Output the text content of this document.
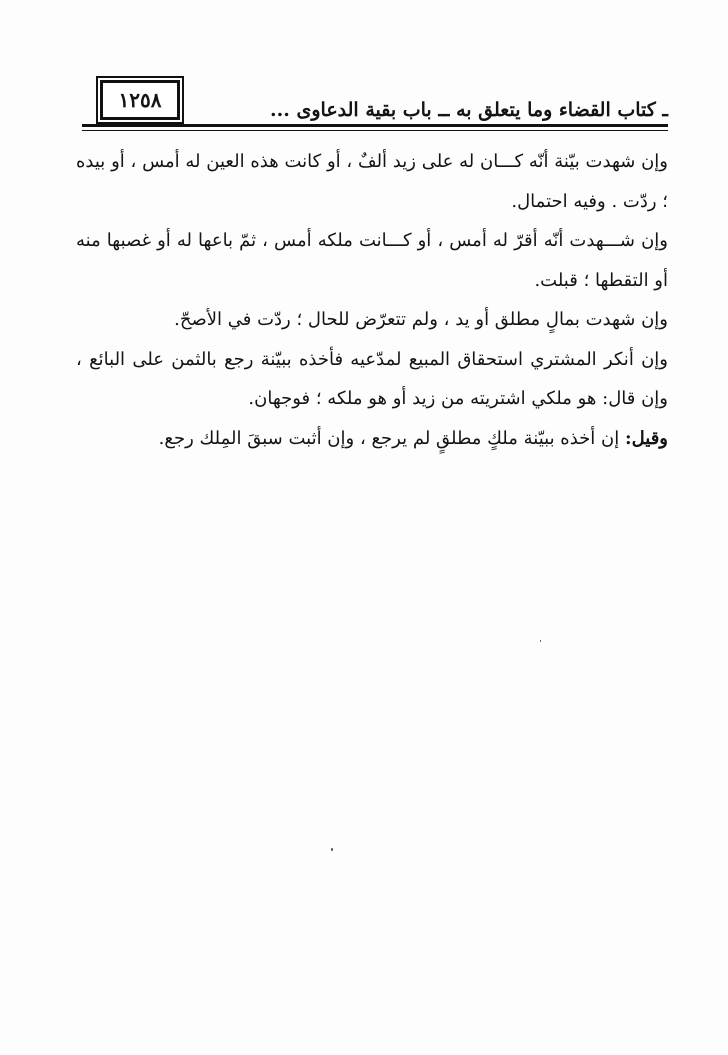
١٢٥٨	ـ كتاب القضاء وما يتعلق به ــ باب بقية الدعاوى ...

وإن شهدت بيّنة أنّه كـــان له على زيد ألفٌ ، أو كانت هذه العين له أمس ، أو بيده ؛ ردّت . وفيه احتمال.

وإن شـــهدت أنّه أقرّ له أمس ، أو كـــانت ملكه أمس ، ثمّ باعها له أو غصبها منه أو التقطها ؛ قبلت.

وإن شهدت بمالٍ مطلق أو يد ، ولم تتعرّض للحال ؛ ردّت في الأصحّ.

وإن أنكر المشتري استحقاق المبيع لمدّعيه فأخذه ببيّنة رجع بالثمن على البائع ، وإن قال: هو ملكي اشتريته من زيد أو هو ملكه ؛ فوجهان.

وقيل: إن أخذه ببيّنة ملكٍ مطلقٍ لم يرجع ، وإن أثبت سبقَ المِلك رجع.
